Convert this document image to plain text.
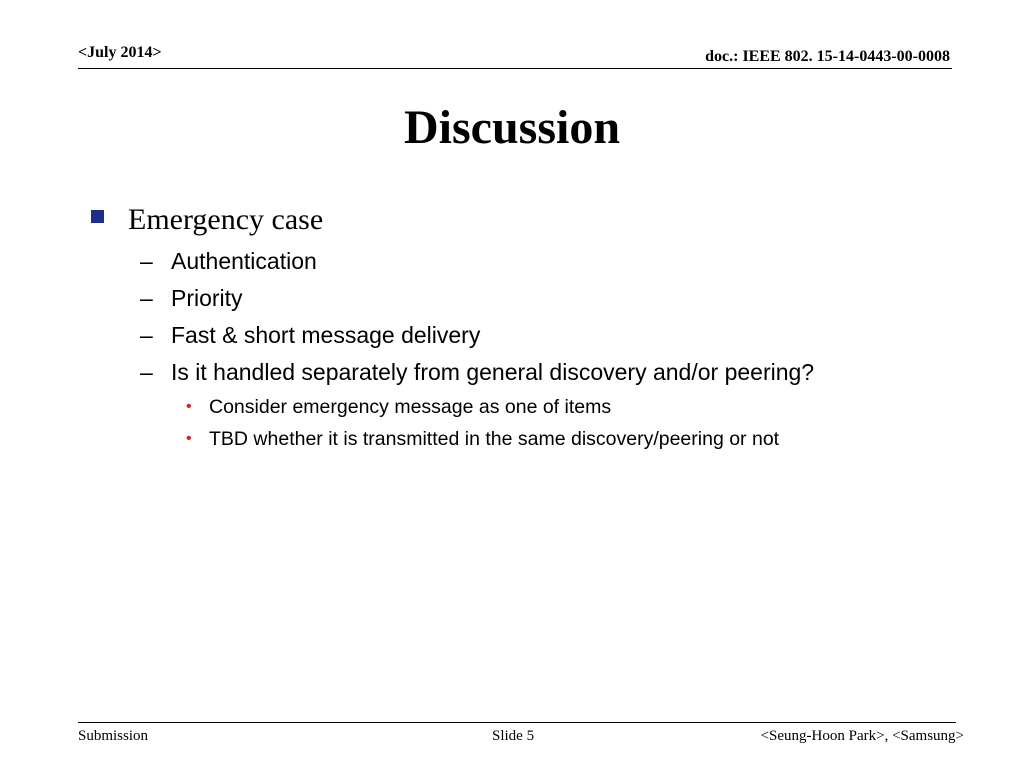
<July 2014>	doc.: IEEE 802. 15-14-0443-00-0008
Discussion
Emergency case
– Authentication
– Priority
– Fast & short message delivery
– Is it handled separately from general discovery and/or peering?
• Consider emergency message as one of items
• TBD whether it is transmitted in the same discovery/peering or not
Submission	Slide 5	<Seung-Hoon Park>, <Samsung>
